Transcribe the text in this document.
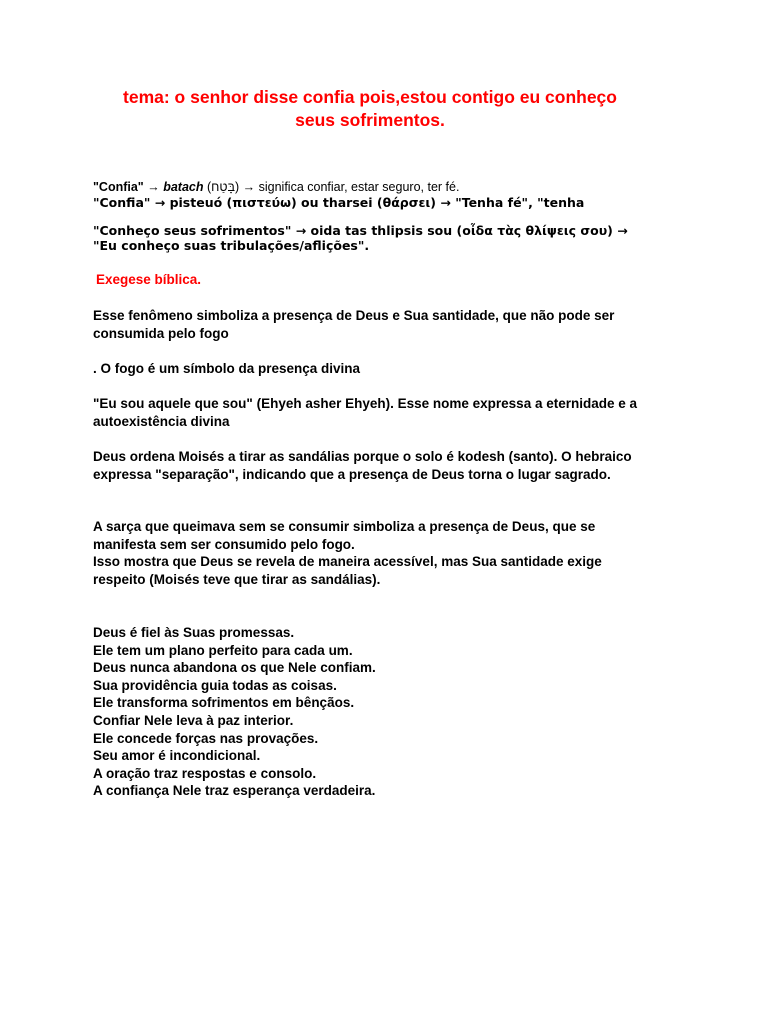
tema: o senhor disse confia pois,estou contigo eu conheço
seus sofrimentos.
"Confia" → batach (בָּטַח) → significa confiar, estar seguro, ter fé.
"Confia" → pisteuó (πιστεύω) ou tharsei (θάρσει) → "Tenha fé", "tenha
"Conheço seus sofrimentos" → oida tas thlipsis sou (οἶδα τὰς θλίψεις σου) → "Eu conheço suas tribulações/aflições".
Exegese bíblica.
Esse fenômeno simboliza a presença de Deus e Sua santidade, que não pode ser consumida pelo fogo
. O fogo é um símbolo da presença divina
"Eu sou aquele que sou" (Ehyeh asher Ehyeh). Esse nome expressa a eternidade e a autoexistência divina
Deus ordena Moisés a tirar as sandálias porque o solo é kodesh (santo). O hebraico expressa "separação", indicando que a presença de Deus torna o lugar sagrado.
A sarça que queimava sem se consumir simboliza a presença de Deus, que se manifesta sem ser consumido pelo fogo.
Isso mostra que Deus se revela de maneira acessível, mas Sua santidade exige respeito (Moisés teve que tirar as sandálias).
Deus é fiel às Suas promessas.
Ele tem um plano perfeito para cada um.
Deus nunca abandona os que Nele confiam.
Sua providência guia todas as coisas.
Ele transforma sofrimentos em bênçãos.
Confiar Nele leva à paz interior.
Ele concede forças nas provações.
Seu amor é incondicional.
A oração traz respostas e consolo.
A confiança Nele traz esperança verdadeira.
